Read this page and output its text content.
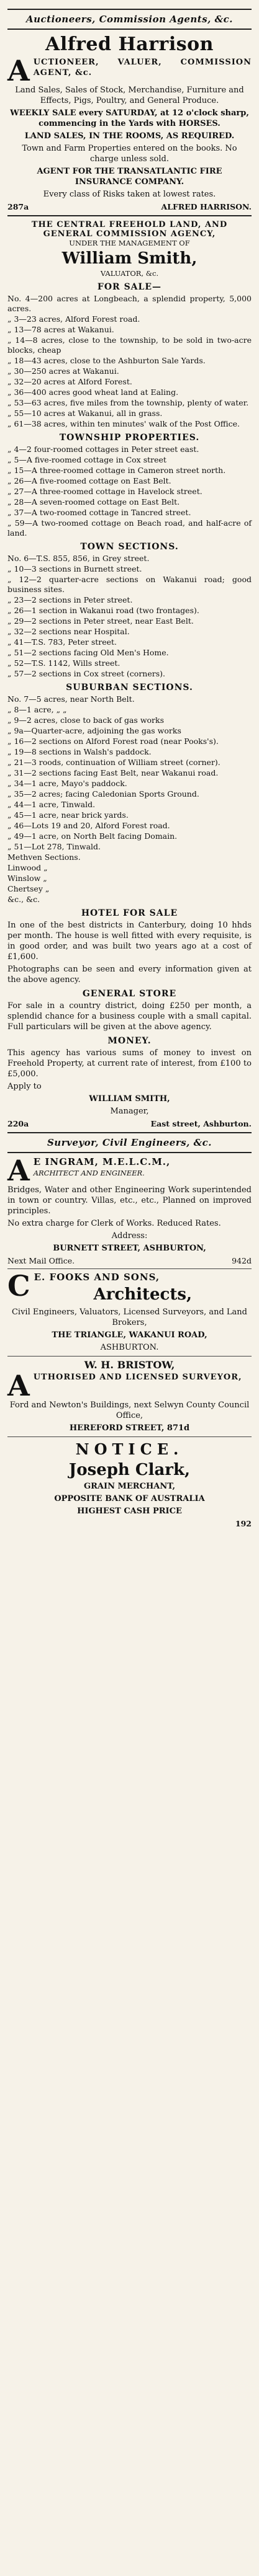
Auctioneers, Commission Agents, &c.
Alfred Harrison
A UCTIONEER, VALUER, COMMISSION AGENT, &c.
Land Sales, Sales of Stock, Merchandise, Furniture and Effects, Pigs, Poultry, and General Produce.
WEEKLY SALE every SATURDAY, at 12 o'clock sharp, commencing in the Yards with HORSES.
LAND SALES, IN THE ROOMS, AS REQUIRED.
Town and Farm Properties entered on the books. No charge unless sold.
AGENT FOR THE TRANSATLANTIC FIRE INSURANCE COMPANY.
Every class of Risks taken at lowest rates.
287a	ALFRED HARRISON.
THE CENTRAL FREEHOLD LAND, AND GENERAL COMMISSION AGENCY,
UNDER THE MANAGEMENT OF
William Smith,
VALUATOR, &c.
FOR SALE—
No. 4—200 acres at Longbeach, a splendid property, 5,000 acres.
„ 3—23 acres, Alford Forest road.
„ 13—78 acres at Wakanui.
„ 14—8 acres, close to the township, to be sold in two-acre blocks, cheap
„ 18—43 acres, close to the Ashburton Sale Yards.
„ 30—250 acres at Wakanui.
„ 32—20 acres at Alford Forest.
„ 36—400 acres good wheat land at Ealing.
„ 53—63 acres, five miles from the township, plenty of water.
„ 55—10 acres at Wakanui, all in grass.
„ 61—38 acres, within ten minutes' walk of the Post Office.
TOWNSHIP PROPERTIES.
„ 4—2 four-roomed cottages in Peter street east.
„ 5—A five-roomed cottage in Cox street
„ 15—A three-roomed cottage in Cameron street north.
„ 26—A five-roomed cottage on East Belt.
„ 27—A three-roomed cottage in Havelock street.
„ 28—A seven-roomed cottage on East Belt.
„ 37—A two-roomed cottage in Tancred street.
„ 59—A two-roomed cottage on Beach road, and half-acre of land.
TOWN SECTIONS.
No. 6—T.S. 855, 856, in Grey street.
„ 10—3 sections in Burnett street.
„ 12—2 quarter-acre sections on Wakanui road; good business sites.
„ 23—2 sections in Peter street.
„ 26—1 section in Wakanui road (two frontages).
„ 29—2 sections in Peter street, near East Belt.
„ 32—2 sections near Hospital.
„ 41—T.S. 783, Peter street.
„ 51—2 sections facing Old Men's Home.
„ 52—T.S. 1142, Wills street.
„ 57—2 sections in Cox street (corners).
SUBURBAN SECTIONS.
No. 7—5 acres, near North Belt.
„ 8—1 acre, „ „
„ 9—2 acres, close to back of gas works
„ 9a—Quarter-acre, adjoining the gas works
„ 16—2 sections on Alford Forest road (near Pooks's).
„ 19—8 sections in Walsh's paddock.
„ 21—3 roods, continuation of William street (corner).
„ 31—2 sections facing East Belt, near Wakanui road.
„ 34—1 acre, Mayo's paddock.
„ 35—2 acres; facing Caledonian Sports Ground.
„ 44—1 acre, Tinwald.
„ 45—1 acre, near brick yards.
„ 46—Lots 19 and 20, Alford Forest road.
„ 49—1 acre, on North Belt facing Domain.
„ 51—Lot 278, Tinwald.
Methven Sections.
Linwood „
Winslow „
Chertsey „
&c., &c.
HOTEL FOR SALE
In one of the best districts in Canterbury, doing 10 hhds per month. The house is well fitted with every requisite, is in good order, and was built two years ago at a cost of £1,600.
Photographs can be seen and every information given at the above agency.
GENERAL STORE
For sale in a country district, doing £250 per month, a splendid chance for a business couple with a small capital. Full particulars will be given at the above agency.
MONEY.
This agency has various sums of money to invest on Freehold Property, at current rate of interest, from £100 to £5,000.
Apply to
WILLIAM SMITH,
Manager,
220a	East street, Ashburton.
Surveyor, Civil Engineers, &c.
A E INGRAM, M.E.L.C.M.,
ARCHITECT AND ENGINEER.
Bridges, Water and other Engineering Work superintended in town or country. Villas, etc., etc., Planned on improved principles.
No extra charge for Clerk of Works. Reduced Rates.
Address:
BURNETT STREET, ASHBURTON,
Next Mail Office.	942d
C E. FOOKS AND SONS,
Architects,
Civil Engineers, Valuators, Licensed Surveyors, and Land Brokers,
THE TRIANGLE, WAKANUI ROAD,
ASHBURTON.
W. H. BRISTOW,
A UTHORISED AND LICENSED SURVEYOR,
Ford and Newton's Buildings, next Selwyn County Council Office,
HEREFORD STREET, 871d
NOTICE.
Joseph Clark,
GRAIN MERCHANT,
OPPOSITE BANK OF AUSTRALIA
HIGHEST CASH PRICE
192
